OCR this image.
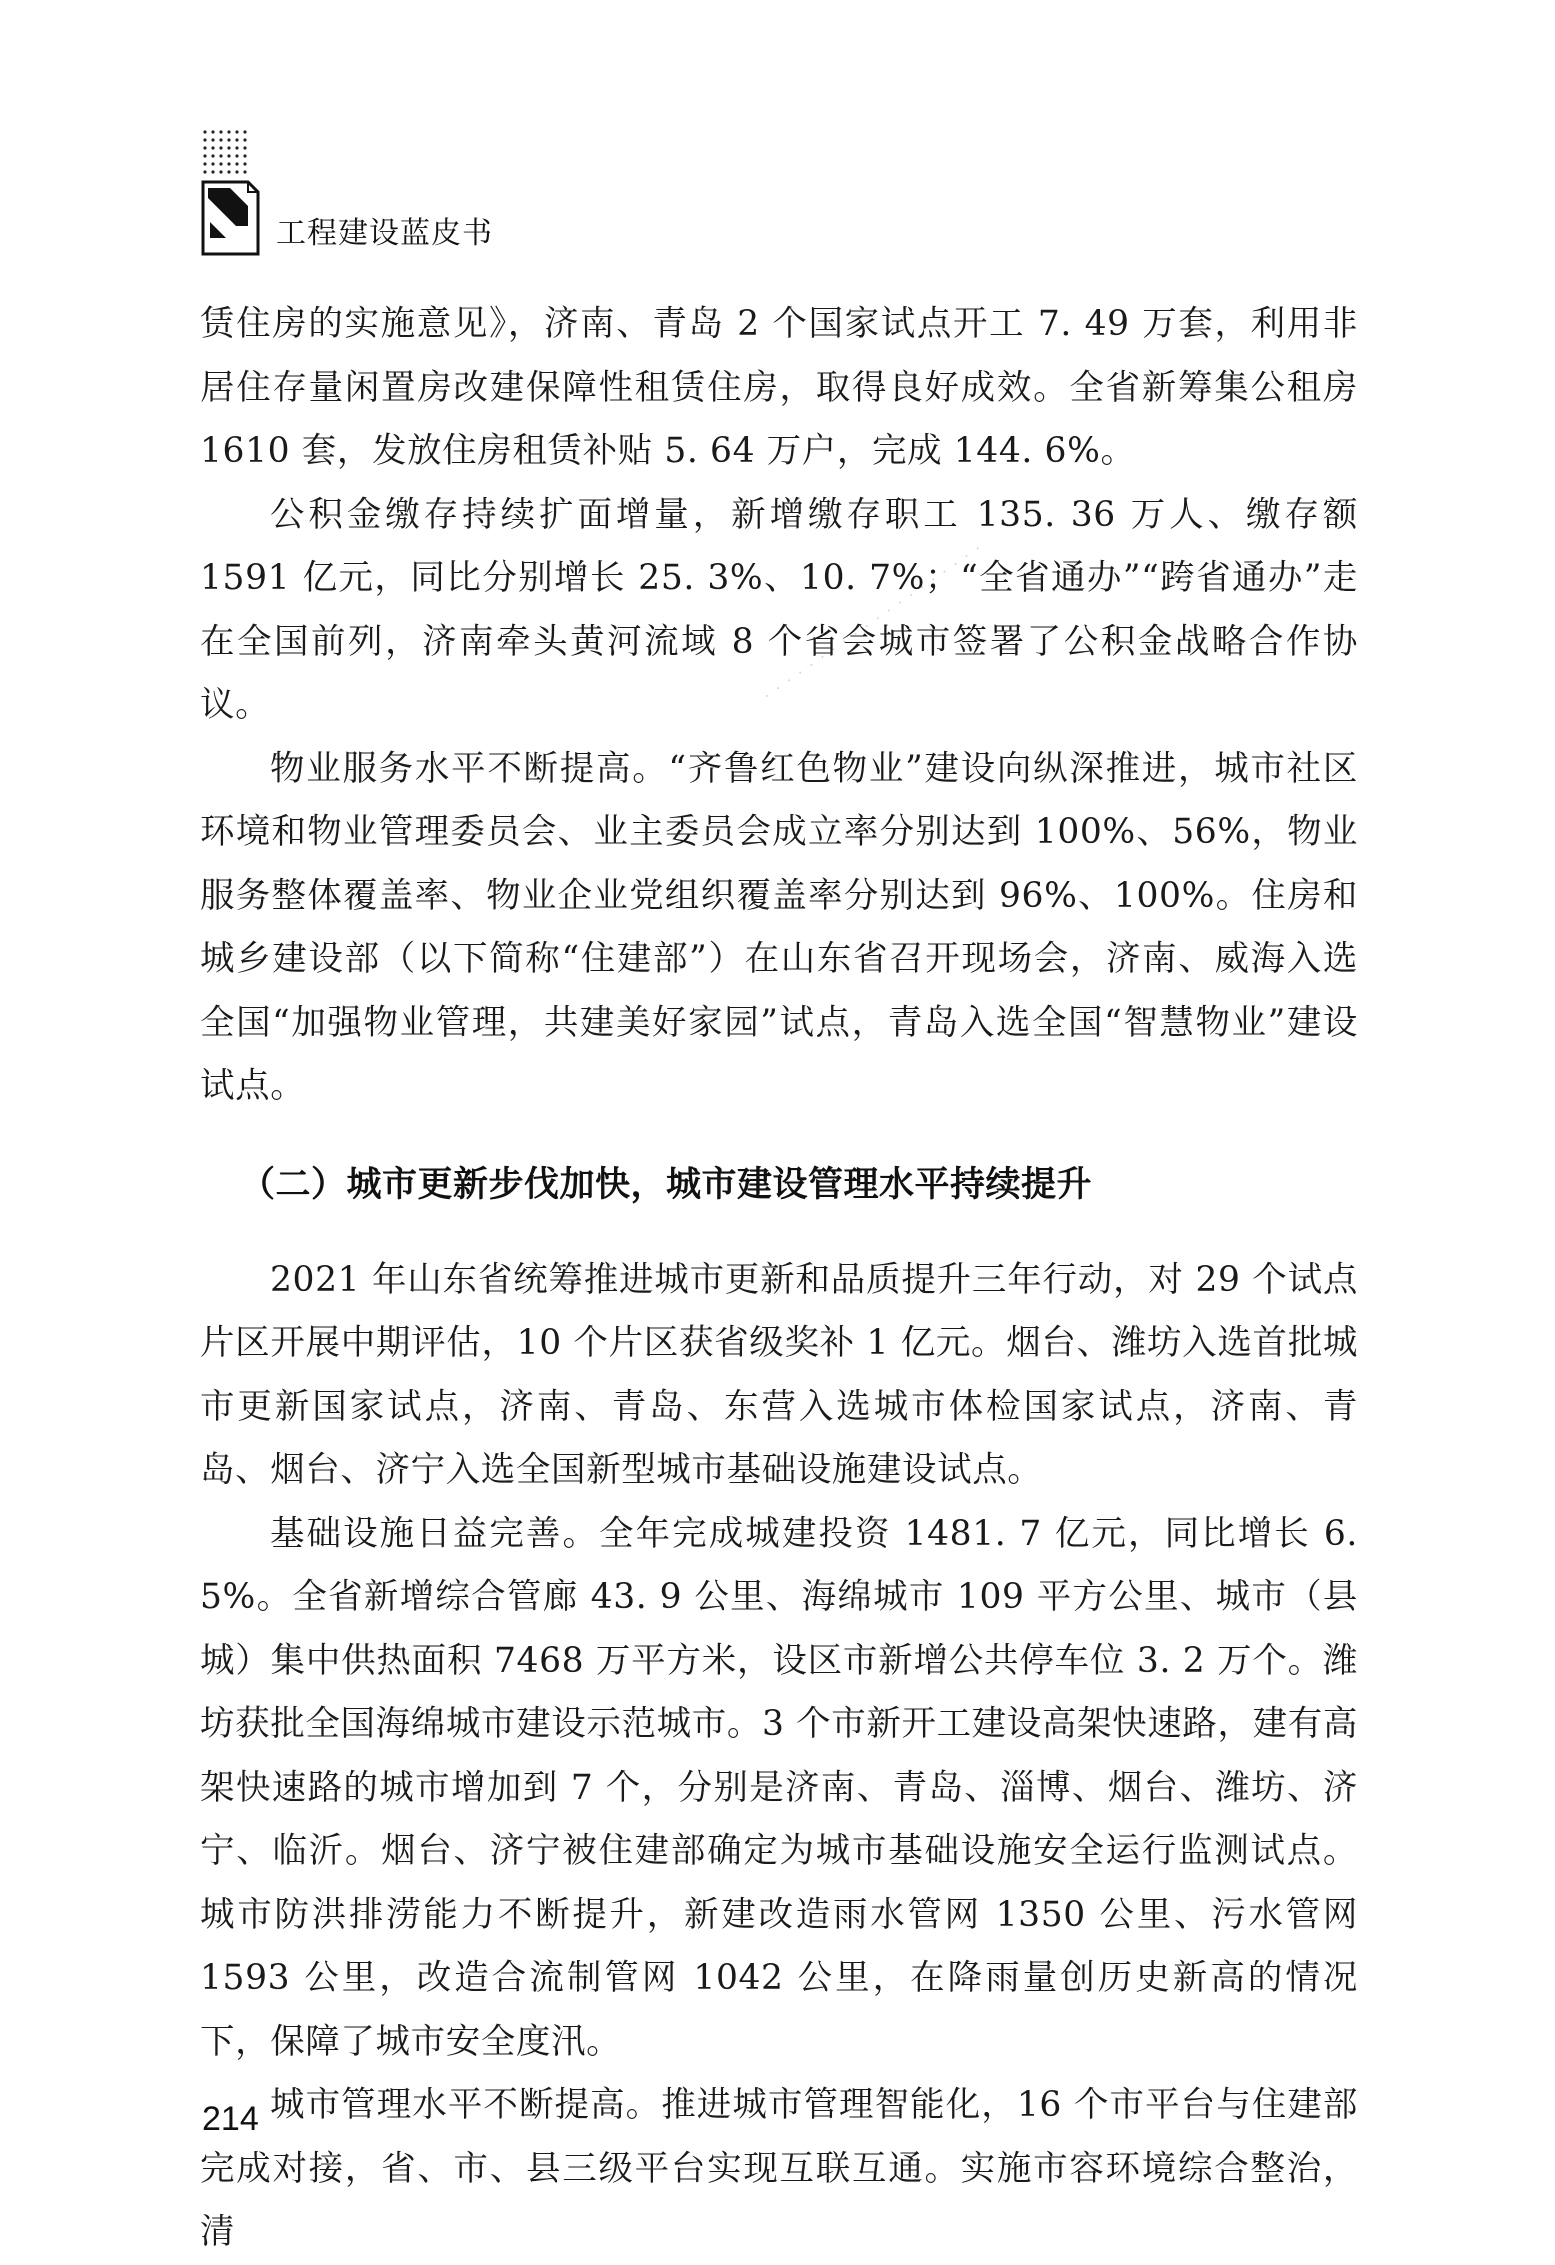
工程建设蓝皮书
· · · · · · · · · · · · · · · · · · · ·

赁住房的实施意见》，济南、青岛 2 个国家试点开工 7. 49 万套，利用非居住存量闲置房改建保障性租赁住房，取得良好成效。全省新筹集公租房 1610 套，发放住房租赁补贴 5. 64 万户，完成 144. 6%。

公积金缴存持续扩面增量，新增缴存职工 135. 36 万人、缴存额 1591 亿元，同比分别增长 25. 3%、10. 7%；“全省通办”“跨省通办”走在全国前列，济南牵头黄河流域 8 个省会城市签署了公积金战略合作协议。

物业服务水平不断提高。“齐鲁红色物业”建设向纵深推进，城市社区环境和物业管理委员会、业主委员会成立率分别达到 100%、56%，物业服务整体覆盖率、物业企业党组织覆盖率分别达到 96%、100%。住房和城乡建设部（以下简称“住建部”）在山东省召开现场会，济南、威海入选全国“加强物业管理，共建美好家园”试点，青岛入选全国“智慧物业”建设试点。

（二）城市更新步伐加快，城市建设管理水平持续提升

2021 年山东省统筹推进城市更新和品质提升三年行动，对 29 个试点片区开展中期评估，10 个片区获省级奖补 1 亿元。烟台、潍坊入选首批城市更新国家试点，济南、青岛、东营入选城市体检国家试点，济南、青岛、烟台、济宁入选全国新型城市基础设施建设试点。

基础设施日益完善。全年完成城建投资 1481. 7 亿元，同比增长 6. 5%。全省新增综合管廊 43. 9 公里、海绵城市 109 平方公里、城市（县城）集中供热面积 7468 万平方米，设区市新增公共停车位 3. 2 万个。潍坊获批全国海绵城市建设示范城市。3 个市新开工建设高架快速路，建有高架快速路的城市增加到 7 个，分别是济南、青岛、淄博、烟台、潍坊、济宁、临沂。烟台、济宁被住建部确定为城市基础设施安全运行监测试点。城市防洪排涝能力不断提升，新建改造雨水管网 1350 公里、污水管网 1593 公里，改造合流制管网 1042 公里，在降雨量创历史新高的情况下，保障了城市安全度汛。

城市管理水平不断提高。推进城市管理智能化，16 个市平台与住建部完成对接，省、市、县三级平台实现互联互通。实施市容环境综合整治，清

214
